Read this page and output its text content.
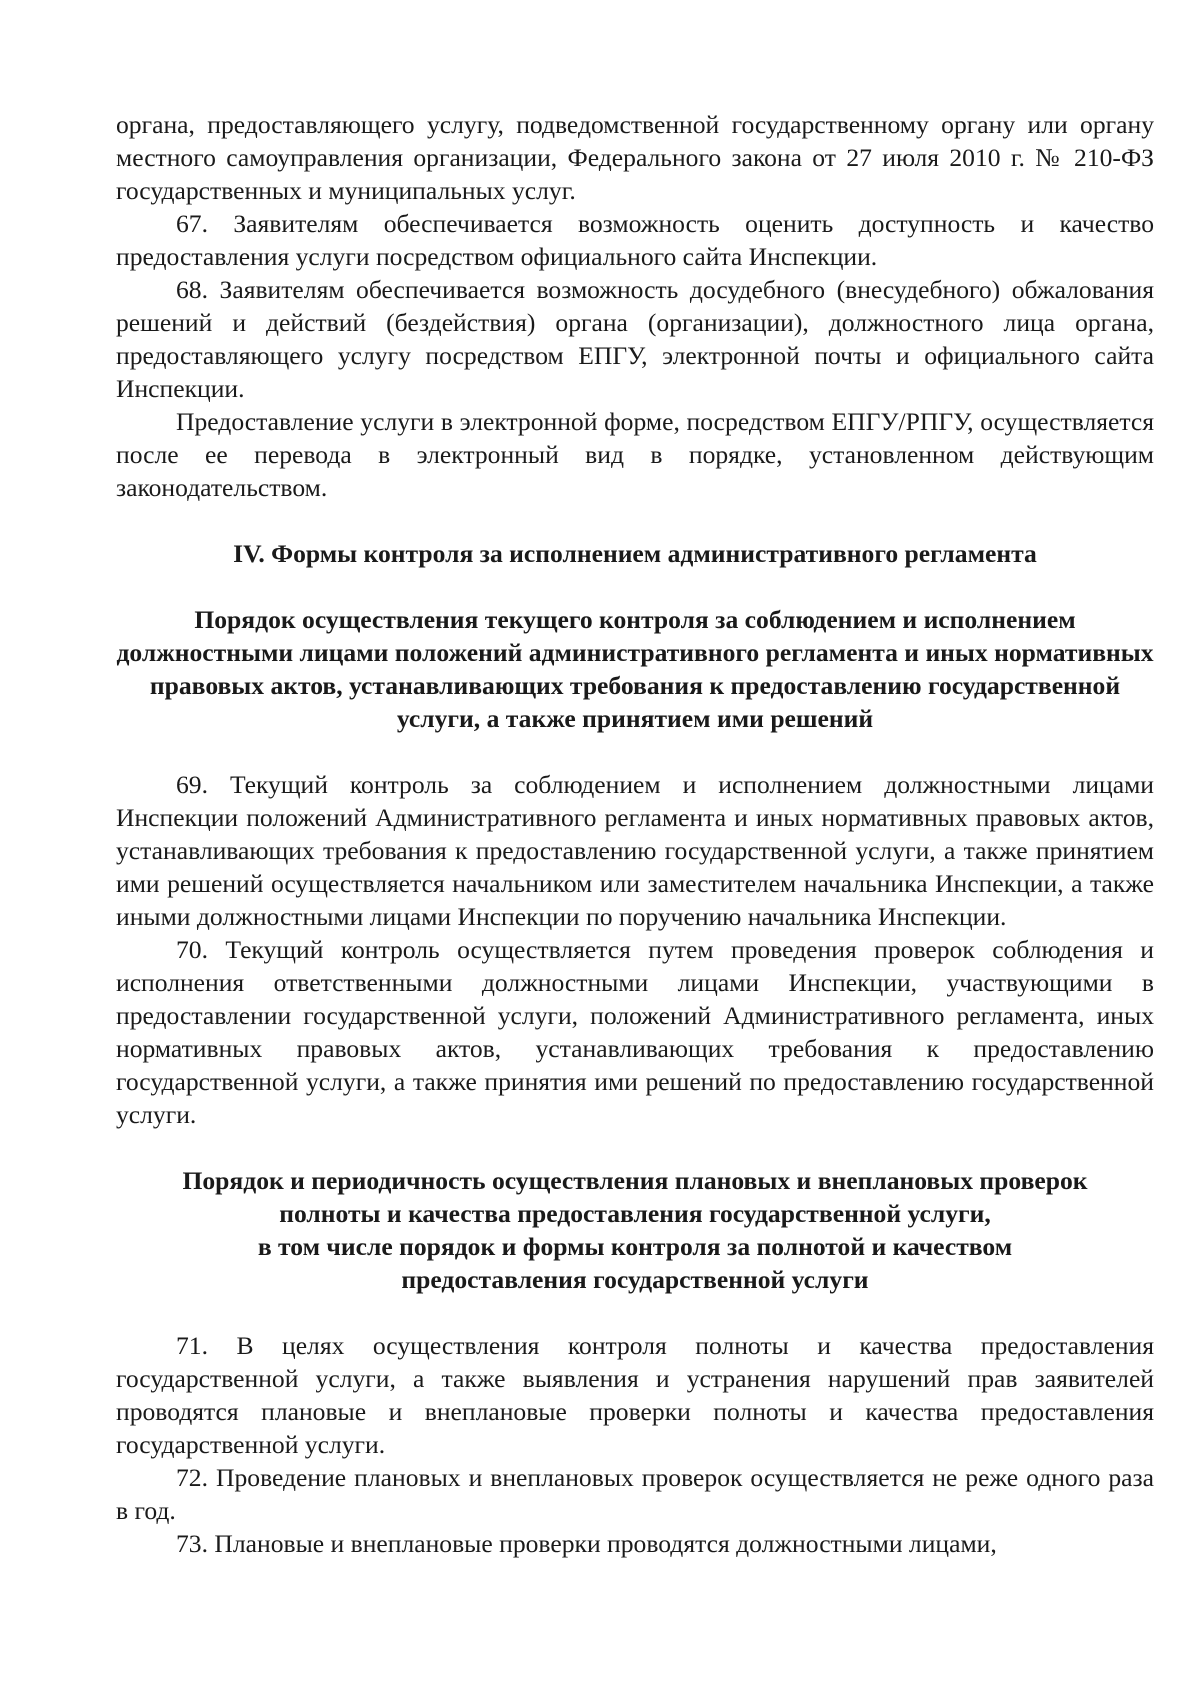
органа, предоставляющего услугу, подведомственной государственному органу или органу местного самоуправления организации, Федерального закона от 27 июля 2010 г. № 210-ФЗ государственных и муниципальных услуг.

67. Заявителям обеспечивается возможность оценить доступность и качество предоставления услуги посредством официального сайта Инспекции.

68. Заявителям обеспечивается возможность досудебного (внесудебного) обжалования решений и действий (бездействия) органа (организации), должностного лица органа, предоставляющего услугу посредством ЕПГУ, электронной почты и официального сайта Инспекции.

Предоставление услуги в электронной форме, посредством ЕПГУ/РПГУ, осуществляется после ее перевода в электронный вид в порядке, установленном действующим законодательством.

IV. Формы контроля за исполнением административного регламента

Порядок осуществления текущего контроля за соблюдением и исполнением должностными лицами положений административного регламента и иных нормативных правовых актов, устанавливающих требования к предоставлению государственной услуги, а также принятием ими решений

69. Текущий контроль за соблюдением и исполнением должностными лицами Инспекции положений Административного регламента и иных нормативных правовых актов, устанавливающих требования к предоставлению государственной услуги, а также принятием ими решений осуществляется начальником или заместителем начальника Инспекции, а также иными должностными лицами Инспекции по поручению начальника Инспекции.

70. Текущий контроль осуществляется путем проведения проверок соблюдения и исполнения ответственными должностными лицами Инспекции, участвующими в предоставлении государственной услуги, положений Административного регламента, иных нормативных правовых актов, устанавливающих требования к предоставлению государственной услуги, а также принятия ими решений по предоставлению государственной услуги.

Порядок и периодичность осуществления плановых и внеплановых проверок
полноты и качества предоставления государственной услуги,
в том числе порядок и формы контроля за полнотой и качеством
предоставления государственной услуги

71. В целях осуществления контроля полноты и качества предоставления государственной услуги, а также выявления и устранения нарушений прав заявителей проводятся плановые и внеплановые проверки полноты и качества предоставления государственной услуги.

72. Проведение плановых и внеплановых проверок осуществляется не реже одного раза в год.

73. Плановые и внеплановые проверки проводятся должностными лицами,
